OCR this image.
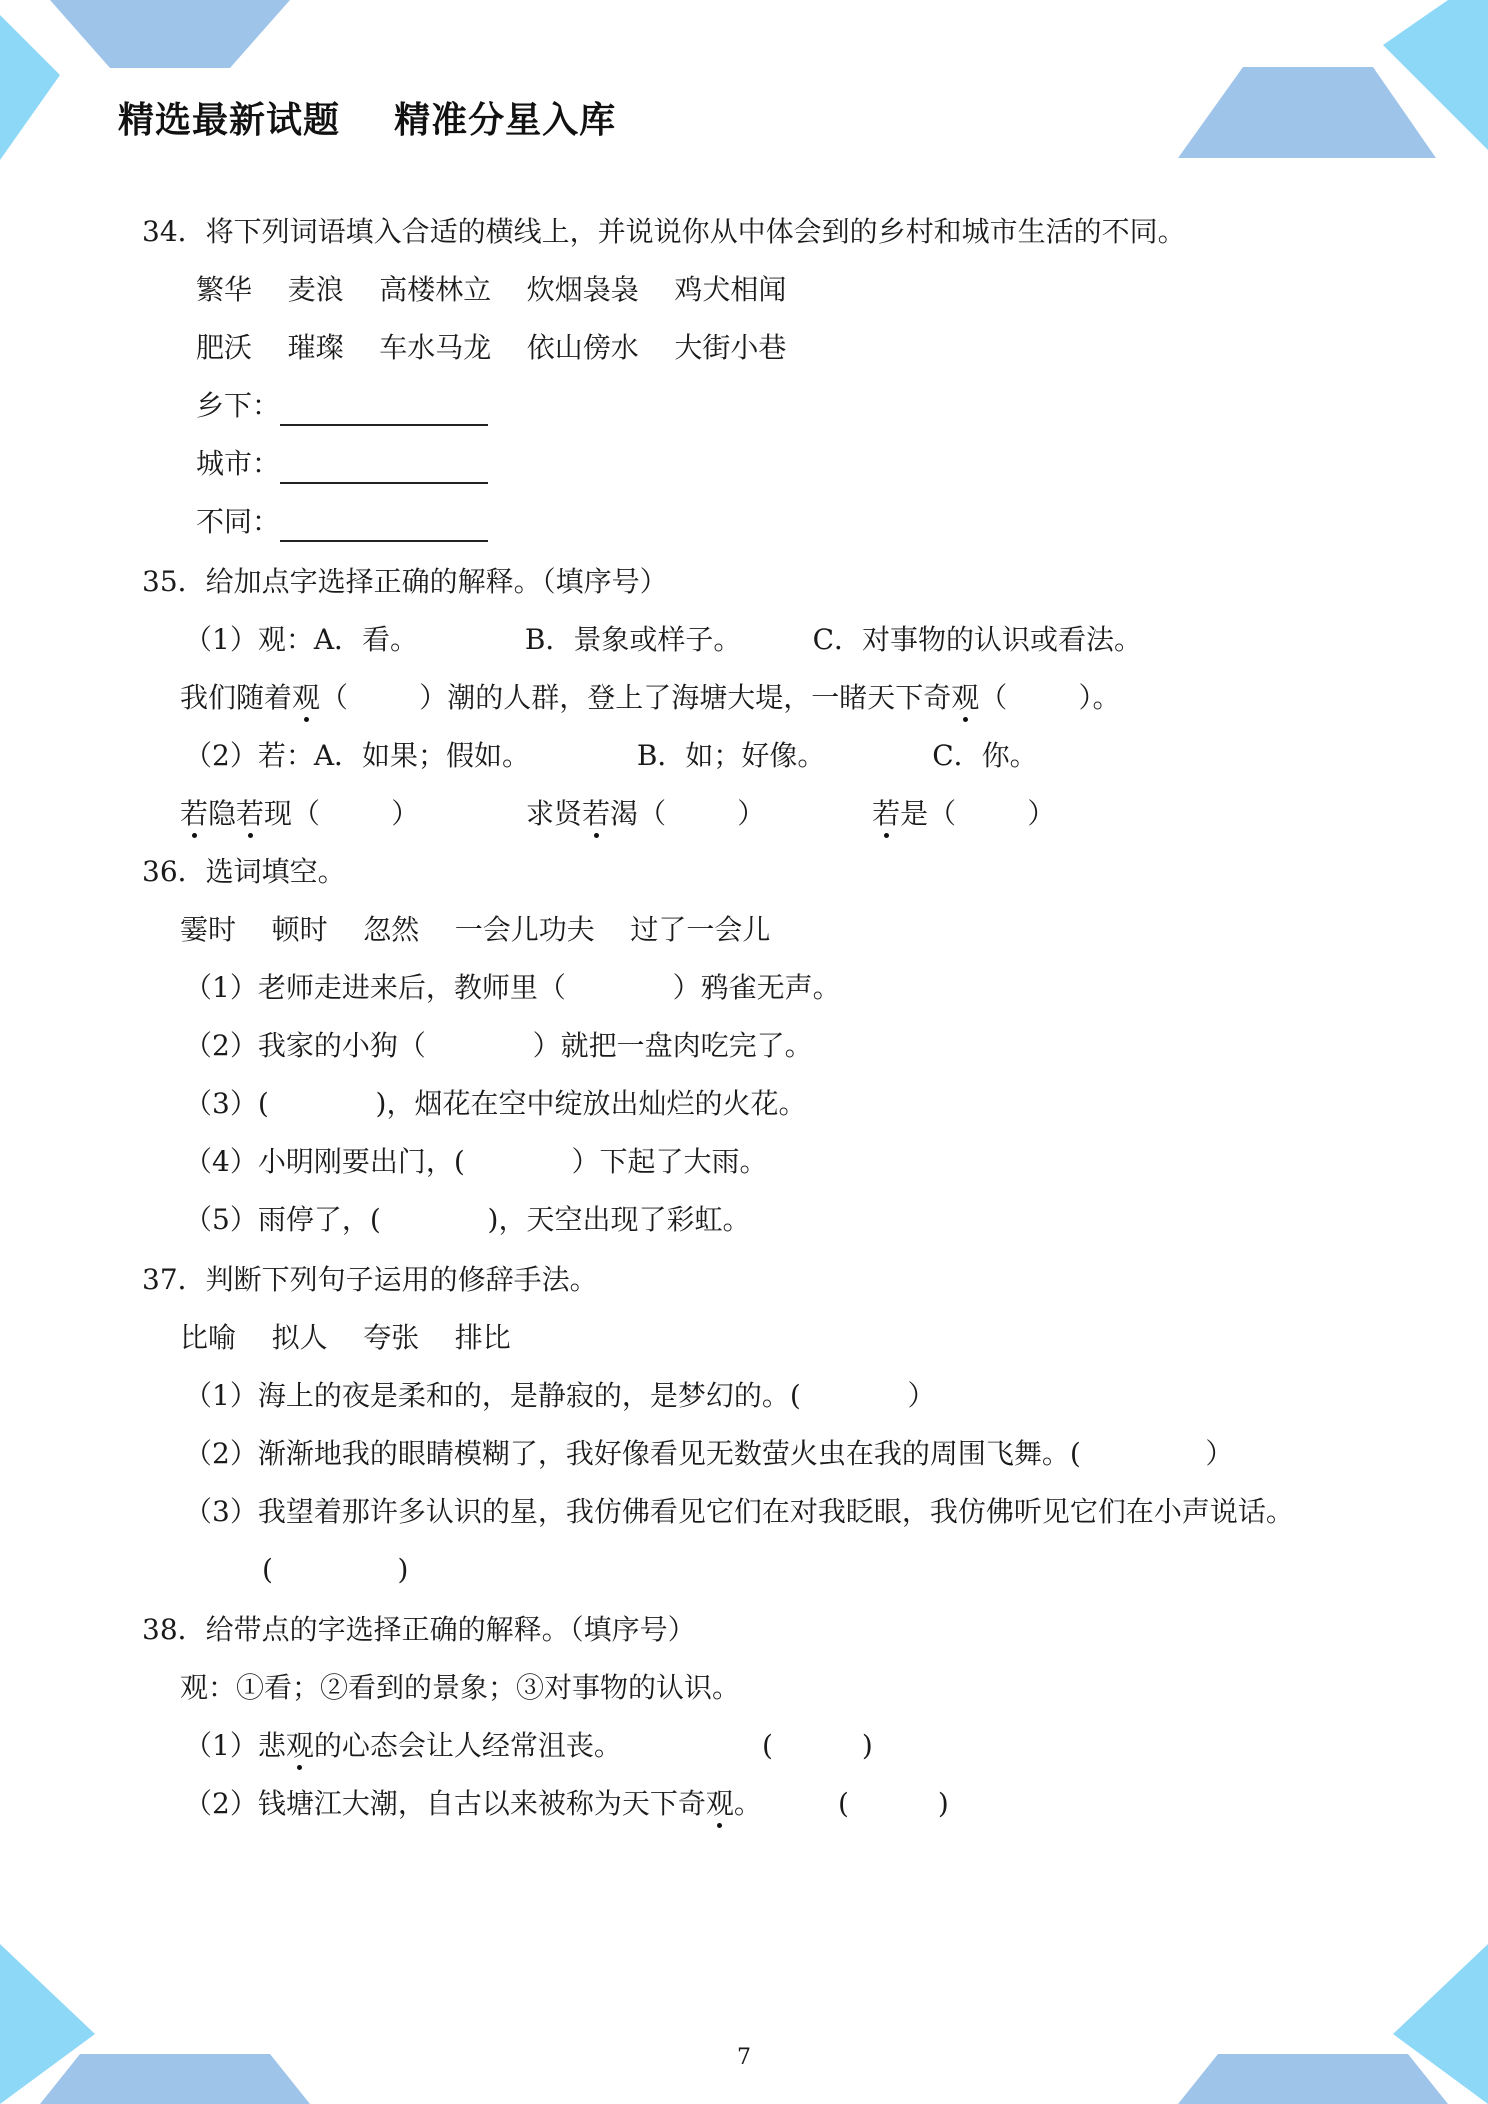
精选最新试题    精准分星入库
34．将下列词语填入合适的横线上，并说说你从中体会到的乡村和城市生活的不同。
繁华    麦浪    高楼林立    炊烟袅袅    鸡犬相闻
肥沃    璀璨    车水马龙    依山傍水    大街小巷
乡下：
城市：
不同：
35．给加点字选择正确的解释。（填序号）
（1）观：A．看。            B．景象或样子。        C．对事物的认识或看法。
我们随着观（        ）潮的人群，登上了海塘大堤，一睹天下奇观（        ）。
（2）若：A．如果；假如。            B．如；好像。            C．你。
若隐若现（        ）            求贤若渴（        ）            若是（        ）
36．选词填空。
霎时    顿时    忽然    一会儿功夫    过了一会儿
（1）老师走进来后，教师里（            ）鸦雀无声。
（2）我家的小狗（            ）就把一盘肉吃完了。
（3）(            )，烟花在空中绽放出灿烂的火花。
（4）小明刚要出门，(            ）下起了大雨。
（5）雨停了，(            )，天空出现了彩虹。
37．判断下列句子运用的修辞手法。
比喻    拟人    夸张    排比
（1）海上的夜是柔和的，是静寂的，是梦幻的。(            ）
（2）渐渐地我的眼睛模糊了，我好像看见无数萤火虫在我的周围飞舞。(              ）
（3）我望着那许多认识的星，我仿佛看见它们在对我眨眼，我仿佛听见它们在小声说话。
(              )
38．给带点的字选择正确的解释。（填序号）
观：①看；②看到的景象；③对事物的认识。
（1）悲观的心态会让人经常沮丧。	(          )
（2）钱塘江大潮，自古以来被称为天下奇观。	(          )
7
